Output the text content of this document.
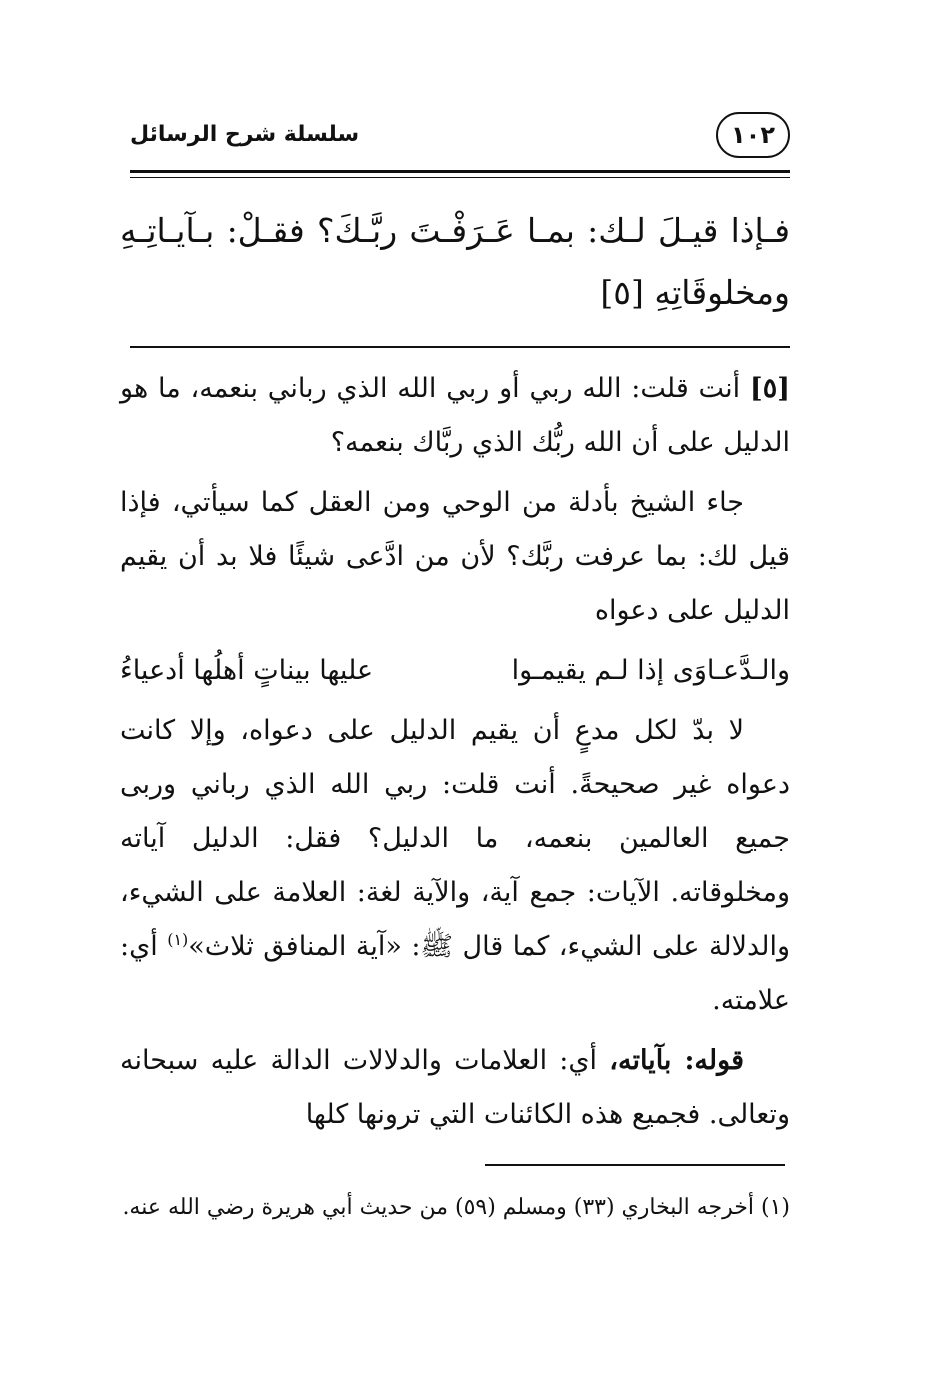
١٠٢
سلسلة شرح الرسائل
فـإذا قيـلَ لـك: بمـا عَـرَفْـتَ ربَّـكَ؟ فقـلْ: بـآيـاتِـهِ ومخلوقَاتِهِ [٥]

[٥] أنت قلت: الله ربي أو ربي الله الذي رباني بنعمه، ما هو الدليل على أن الله ربُّك الذي ربَّاك بنعمه؟

جاء الشيخ بأدلة من الوحي ومن العقل كما سيأتي، فإذا قيل لك: بما عرفت ربَّك؟ لأن من ادَّعى شيئًا فلا بد أن يقيم الدليل على دعواه

والـدَّعـاوَى إذا لـم يقيمـوا
عليها بيناتٍ أهلُها أدعياءُ

لا بدّ لكل مدعٍ أن يقيم الدليل على دعواه، وإلا كانت دعواه غير صحيحةً. أنت قلت: ربي الله الذي رباني وربى جميع العالمين بنعمه، ما الدليل؟ فقل: الدليل آياته ومخلوقاته. الآيات: جمع آية، والآية لغة: العلامة على الشيء، والدلالة على الشيء، كما قال ﷺ: «آية المنافق ثلاث»$^{(١)}$ أي: علامته.

قوله: بآياته، أي: العلامات والدلالات الدالة عليه سبحانه وتعالى. فجميع هذه الكائنات التي ترونها كلها

(١) أخرجه البخاري (٣٣) ومسلم (٥٩) من حديث أبي هريرة رضي الله عنه.
